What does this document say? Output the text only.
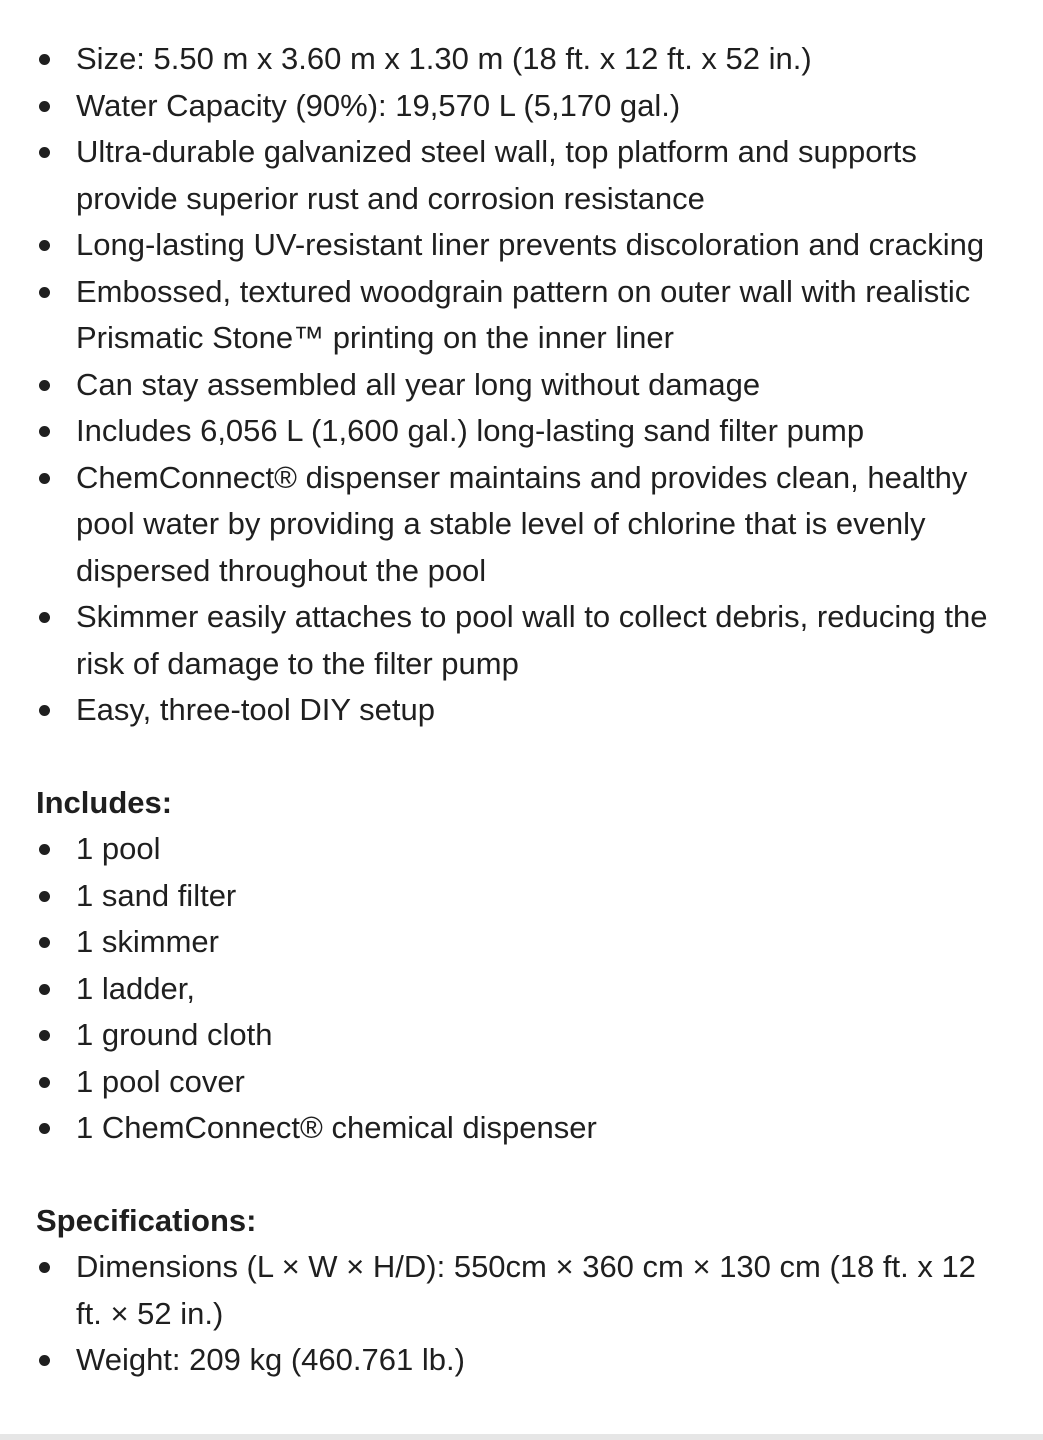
Size: 5.50 m x 3.60 m x 1.30 m (18 ft. x 12 ft. x 52 in.)
Water Capacity (90%): 19,570 L (5,170 gal.)
Ultra-durable galvanized steel wall, top platform and supports provide superior rust and corrosion resistance
Long-lasting UV-resistant liner prevents discoloration and cracking
Embossed, textured woodgrain pattern on outer wall with realistic Prismatic Stone™ printing on the inner liner
Can stay assembled all year long without damage
Includes 6,056 L (1,600 gal.) long-lasting sand filter pump
ChemConnect® dispenser maintains and provides clean, healthy pool water by providing a stable level of chlorine that is evenly dispersed throughout the pool
Skimmer easily attaches to pool wall to collect debris, reducing the risk of damage to the filter pump
Easy, three-tool DIY setup
Includes:
1 pool
1 sand filter
1 skimmer
1 ladder,
1 ground cloth
1 pool cover
1 ChemConnect® chemical dispenser
Specifications:
Dimensions (L × W × H/D): 550cm × 360 cm × 130 cm (18 ft. x 12 ft. × 52 in.)
Weight: 209 kg (460.761 lb.)
